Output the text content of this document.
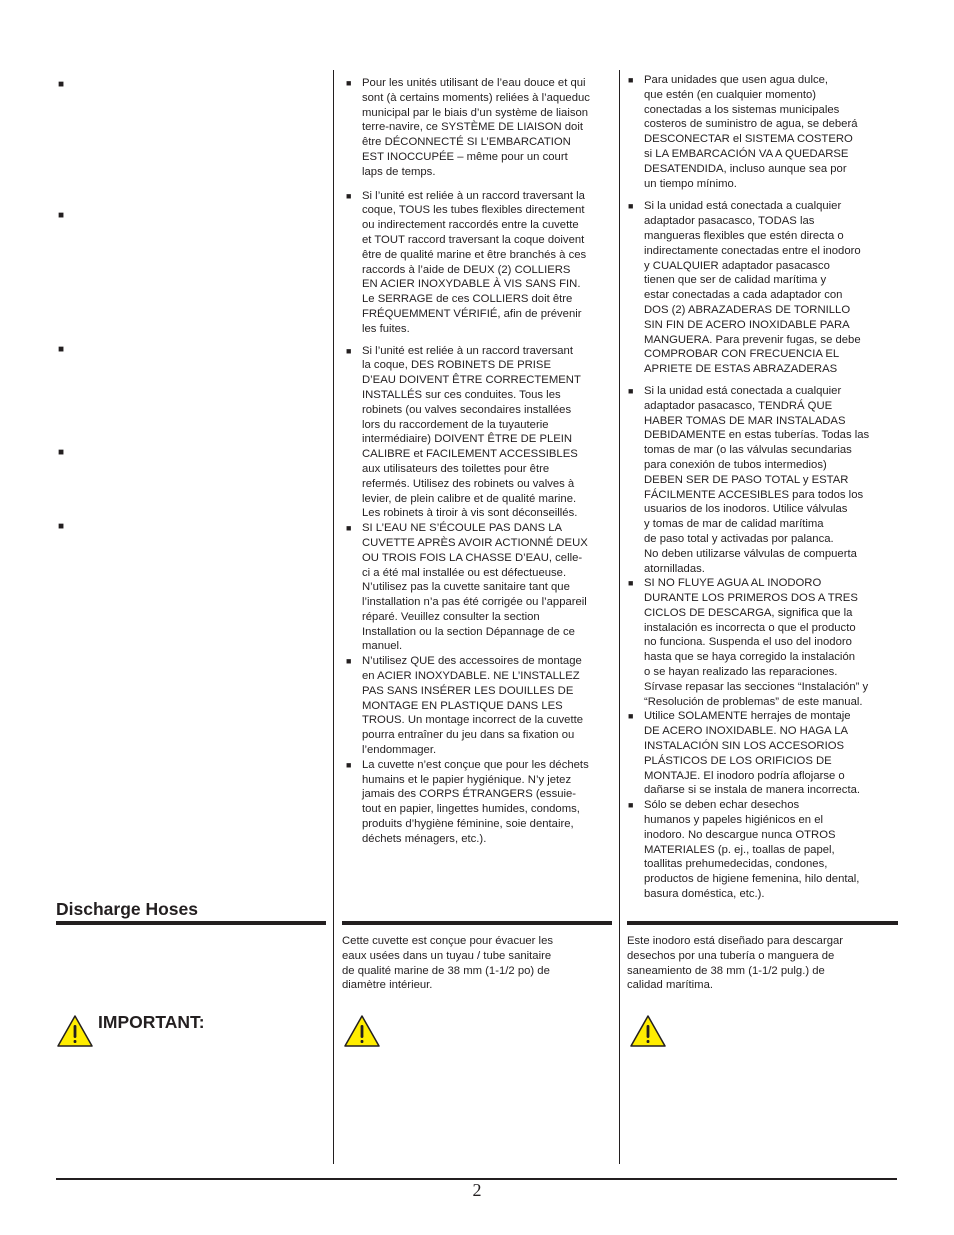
■
■
■
■
■

■ Pour les unités utilisant de l’eau douce et qui
sont (à certains moments) reliées à l’aqueduc
municipal par le biais d’un système de liaison
terre-navire, ce SYSTÈME DE LIAISON doit
être DÉCONNECTÉ SI L’EMBARCATION
EST INOCCUPÉE – même pour un court
laps de temps.

■ Si l’unité est reliée à un raccord traversant la
coque, TOUS les tubes flexibles directement
ou indirectement raccordés entre la cuvette
et TOUT raccord traversant la coque doivent
être de qualité marine et être branchés à ces
raccords à l’aide de DEUX (2) COLLIERS
EN ACIER INOXYDABLE À VIS SANS FIN.
Le SERRAGE de ces COLLIERS doit être
FRÉQUEMMENT VÉRIFIÉ, afin de prévenir
les fuites.

■ Si l’unité est reliée à un raccord traversant
la coque, DES ROBINETS DE PRISE
D’EAU DOIVENT ÊTRE CORRECTEMENT
INSTALLÉS sur ces conduites. Tous les
robinets (ou valves secondaires installées
lors du raccordement de la tuyauterie
intermédiaire) DOIVENT ÊTRE DE PLEIN
CALIBRE et FACILEMENT ACCESSIBLES
aux utilisateurs des toilettes pour être
refermés. Utilisez des robinets ou valves à
levier, de plein calibre et de qualité marine.
Les robinets à tiroir à vis sont déconseillés.

■ SI L’EAU NE S’ÉCOULE PAS DANS LA
CUVETTE APRÈS AVOIR ACTIONNÉ DEUX
OU TROIS FOIS LA CHASSE D’EAU, celle-
ci a été mal installée ou est défectueuse.
N’utilisez pas la cuvette sanitaire tant que
l’installation n’a pas été corrigée ou l’appareil
réparé. Veuillez consulter la section
Installation ou la section Dépannage de ce
manuel.

■ N’utilisez QUE des accessoires de montage
en ACIER INOXYDABLE. NE L’INSTALLEZ
PAS SANS INSÉRER LES DOUILLES DE
MONTAGE EN PLASTIQUE DANS LES
TROUS. Un montage incorrect de la cuvette
pourra entraîner du jeu dans sa fixation ou
l’endommager.

■ La cuvette n’est conçue que pour les déchets
humains et le papier hygiénique. N’y jetez
jamais des CORPS ÉTRANGERS (essuie-
tout en papier, lingettes humides, condoms,
produits d’hygiène féminine, soie dentaire,
déchets ménagers, etc.).

■ Para unidades que usen agua dulce,
que estén (en cualquier momento)
conectadas a los sistemas municipales
costeros de suministro de agua, se deberá
DESCONECTAR el SISTEMA COSTERO
si LA EMBARCACIÓN VA A QUEDARSE
DESATENDIDA, incluso aunque sea por
un tiempo mínimo.

■ Si la unidad está conectada a cualquier
adaptador pasacasco, TODAS las
mangueras flexibles que estén directa o
indirectamente conectadas entre el inodoro
y CUALQUIER adaptador pasacasco
tienen que ser de calidad marítima y
estar conectadas a cada adaptador con
DOS (2) ABRAZADERAS DE TORNILLO
SIN FIN DE ACERO INOXIDABLE PARA
MANGUERA. Para prevenir fugas, se debe
COMPROBAR CON FRECUENCIA EL
APRIETE DE ESTAS ABRAZADERAS

■ Si la unidad está conectada a cualquier
adaptador pasacasco, TENDRÁ QUE
HABER TOMAS DE MAR INSTALADAS
DEBIDAMENTE en estas tuberías. Todas las
tomas de mar (o las válvulas secundarias
para conexión de tubos intermedios)
DEBEN SER DE PASO TOTAL y ESTAR
FÁCILMENTE ACCESIBLES para todos los
usuarios de los inodoros. Utilice válvulas
y tomas de mar de calidad marítima
de paso total y activadas por palanca.
No deben utilizarse válvulas de compuerta
atornilladas.

■ SI NO FLUYE AGUA AL INODORO
DURANTE LOS PRIMEROS DOS A TRES
CICLOS DE DESCARGA, significa que la
instalación es incorrecta o que el producto
no funciona. Suspenda el uso del inodoro
hasta que se haya corregido la instalación
o se hayan realizado las reparaciones.
Sírvase repasar las secciones “Instalación” y
“Resolución de problemas” de este manual.

■ Utilice SOLAMENTE herrajes de montaje
DE ACERO INOXIDABLE. NO HAGA LA
INSTALACIÓN SIN LOS ACCESORIOS
PLÁSTICOS DE LOS ORIFICIOS DE
MONTAJE. El inodoro podría aflojarse o
dañarse si se instala de manera incorrecta.

■ Sólo se deben echar desechos
humanos y papeles higiénicos en el
inodoro. No descargue nunca OTROS
MATERIALES (p. ej., toallas de papel,
toallitas prehumedecidas, condones,
productos de higiene femenina, hilo dental,
basura doméstica, etc.).

Discharge Hoses
Cette cuvette est conçue pour évacuer les
eaux usées dans un tuyau / tube sanitaire
de qualité marine de 38 mm (1-1/2 po) de
diamètre intérieur.
Este inodoro está diseñado para descargar
desechos por una tubería o manguera de
saneamiento de 38 mm (1-1/2 pulg.) de
calidad marítima.
IMPORTANT:
2
